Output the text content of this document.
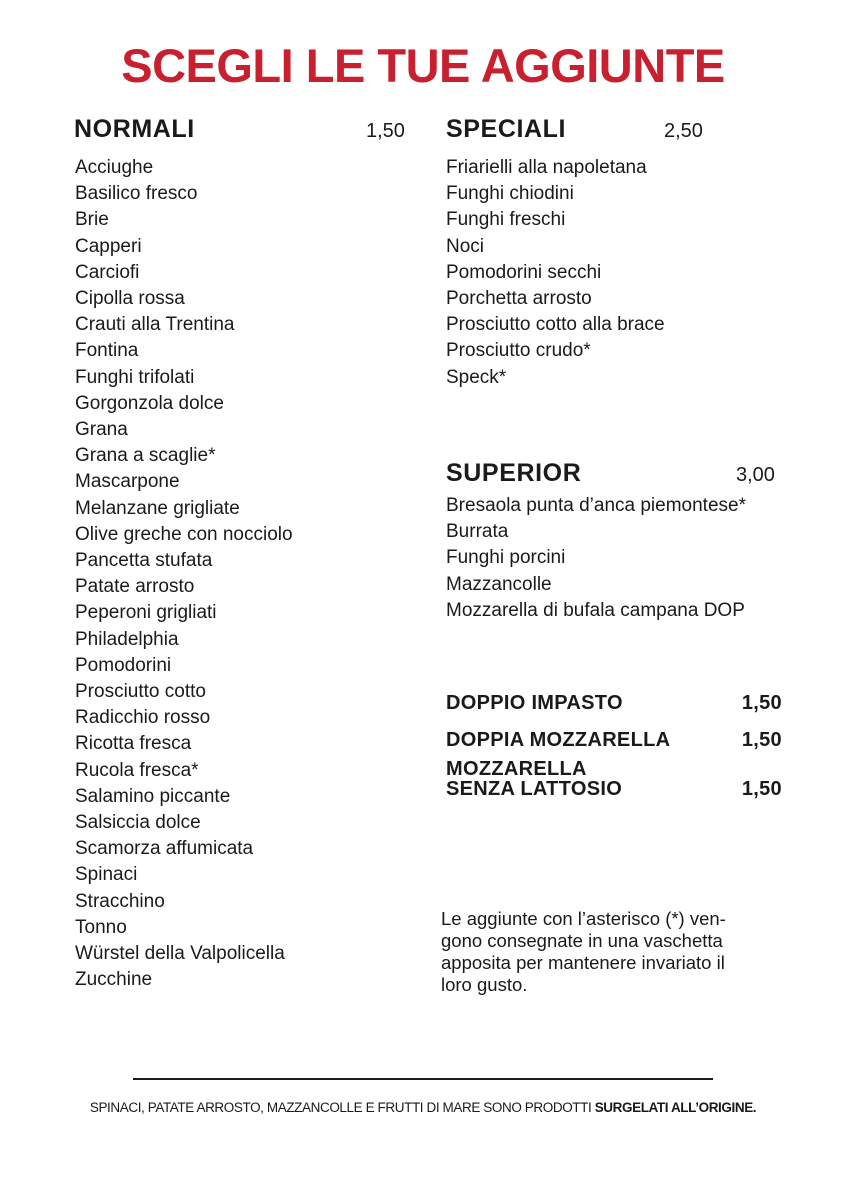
SCEGLI LE TUE AGGIUNTE
NORMALI	1,50
Acciughe
Basilico fresco
Brie
Capperi
Carciofi
Cipolla rossa
Crauti alla Trentina
Fontina
Funghi trifolati
Gorgonzola dolce
Grana
Grana a scaglie*
Mascarpone
Melanzane grigliate
Olive greche con nocciolo
Pancetta stufata
Patate arrosto
Peperoni grigliati
Philadelphia
Pomodorini
Prosciutto cotto
Radicchio rosso
Ricotta fresca
Rucola fresca*
Salamino piccante
Salsiccia dolce
Scamorza affumicata
Spinaci
Stracchino
Tonno
Würstel della Valpolicella
Zucchine
SPECIALI	2,50
Friarielli alla napoletana
Funghi chiodini
Funghi freschi
Noci
Pomodorini secchi
Porchetta arrosto
Prosciutto cotto alla brace
Prosciutto crudo*
Speck*
SUPERIOR	3,00
Bresaola punta d’anca piemontese*
Burrata
Funghi porcini
Mazzancolle
Mozzarella di bufala campana DOP
DOPPIO IMPASTO	1,50
DOPPIA MOZZARELLA	1,50
MOZZARELLA
SENZA LATTOSIO	1,50
Le aggiunte con l’asterisco (*) ven-
gono consegnate in una vaschetta
apposita per mantenere invariato il
loro gusto.
SPINACI, PATATE ARROSTO, MAZZANCOLLE E FRUTTI DI MARE SONO PRODOTTI SURGELATI ALL’ORIGINE.
